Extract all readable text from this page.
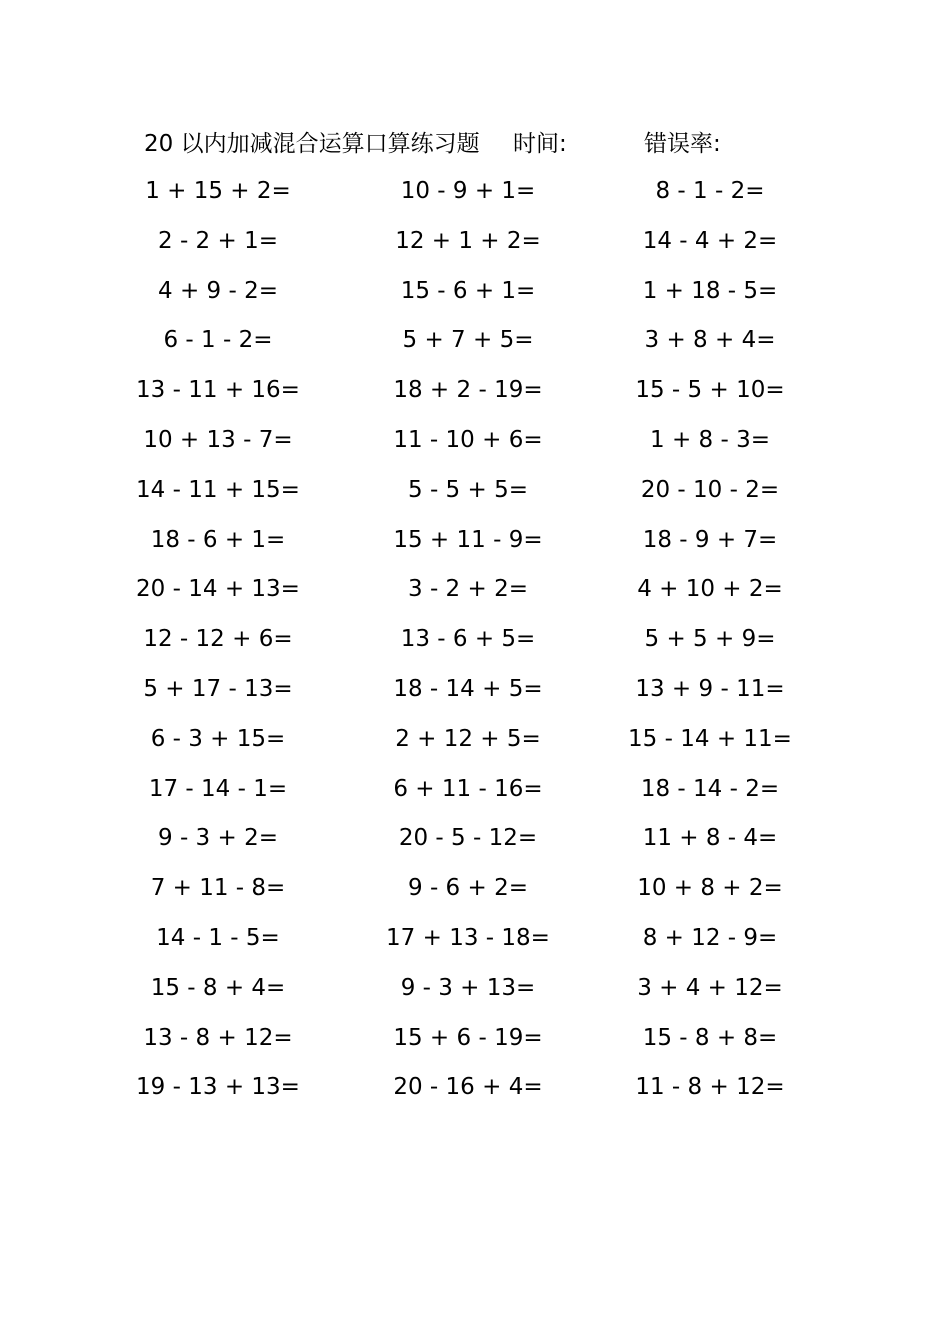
20 以内加减混合运算口算练习题 时间:	错误率:
1 + 15 + 2=	10 - 9 + 1=	8 - 1 - 2=
2 - 2 + 1=	12 + 1 + 2=	14 - 4 + 2=
4 + 9 - 2=	15 - 6 + 1=	1 + 18 - 5=
6 - 1 - 2=	5 + 7 + 5=	3 + 8 + 4=
13 - 11 + 16=	18 + 2 - 19=	15 - 5 + 10=
10 + 13 - 7=	11 - 10 + 6=	1 + 8 - 3=
14 - 11 + 15=	5 - 5 + 5=	20 - 10 - 2=
18 - 6 + 1=	15 + 11 - 9=	18 - 9 + 7=
20 - 14 + 13=	3 - 2 + 2=	4 + 10 + 2=
12 - 12 + 6=	13 - 6 + 5=	5 + 5 + 9=
5 + 17 - 13=	18 - 14 + 5=	13 + 9 - 11=
6 - 3 + 15=	2 + 12 + 5=	15 - 14 + 11=
17 - 14 - 1=	6 + 11 - 16=	18 - 14 - 2=
9 - 3 + 2=	20 - 5 - 12=	11 + 8 - 4=
7 + 11 - 8=	9 - 6 + 2=	10 + 8 + 2=
14 - 1 - 5=	17 + 13 - 18=	8 + 12 - 9=
15 - 8 + 4=	9 - 3 + 13=	3 + 4 + 12=
13 - 8 + 12=	15 + 6 - 19=	15 - 8 + 8=
19 - 13 + 13=	20 - 16 + 4=	11 - 8 + 12=
